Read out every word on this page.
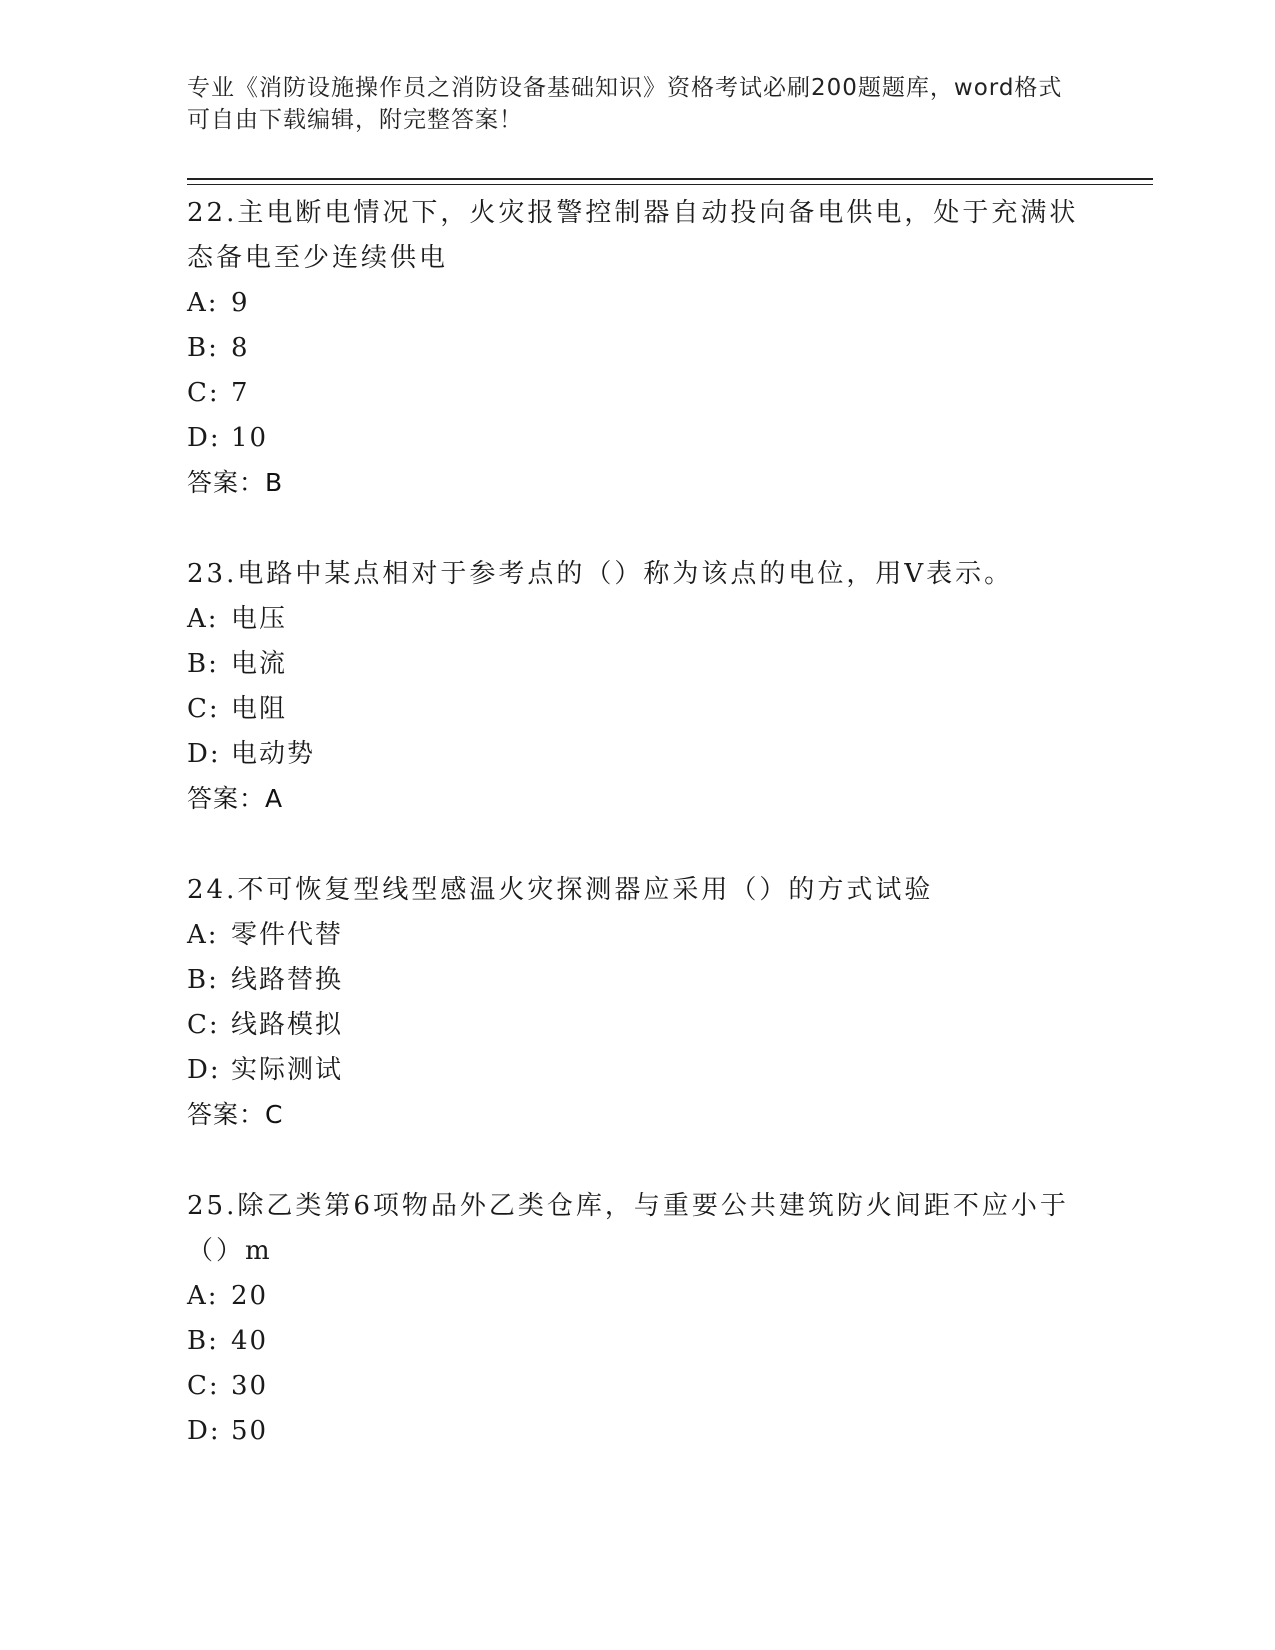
专业《消防设施操作员之消防设备基础知识》资格考试必刷200题题库，word格式可自由下载编辑，附完整答案！
22.主电断电情况下，火灾报警控制器自动投向备电供电，处于充满状态备电至少连续供电
A: 9
B: 8
C: 7
D: 10
答案：B
23.电路中某点相对于参考点的（）称为该点的电位，用V表示。
A: 电压
B: 电流
C: 电阻
D: 电动势
答案：A
24.不可恢复型线型感温火灾探测器应采用（）的方式试验
A: 零件代替
B: 线路替换
C: 线路模拟
D: 实际测试
答案：C
25.除乙类第6项物品外乙类仓库，与重要公共建筑防火间距不应小于（）m
A: 20
B: 40
C: 30
D: 50
